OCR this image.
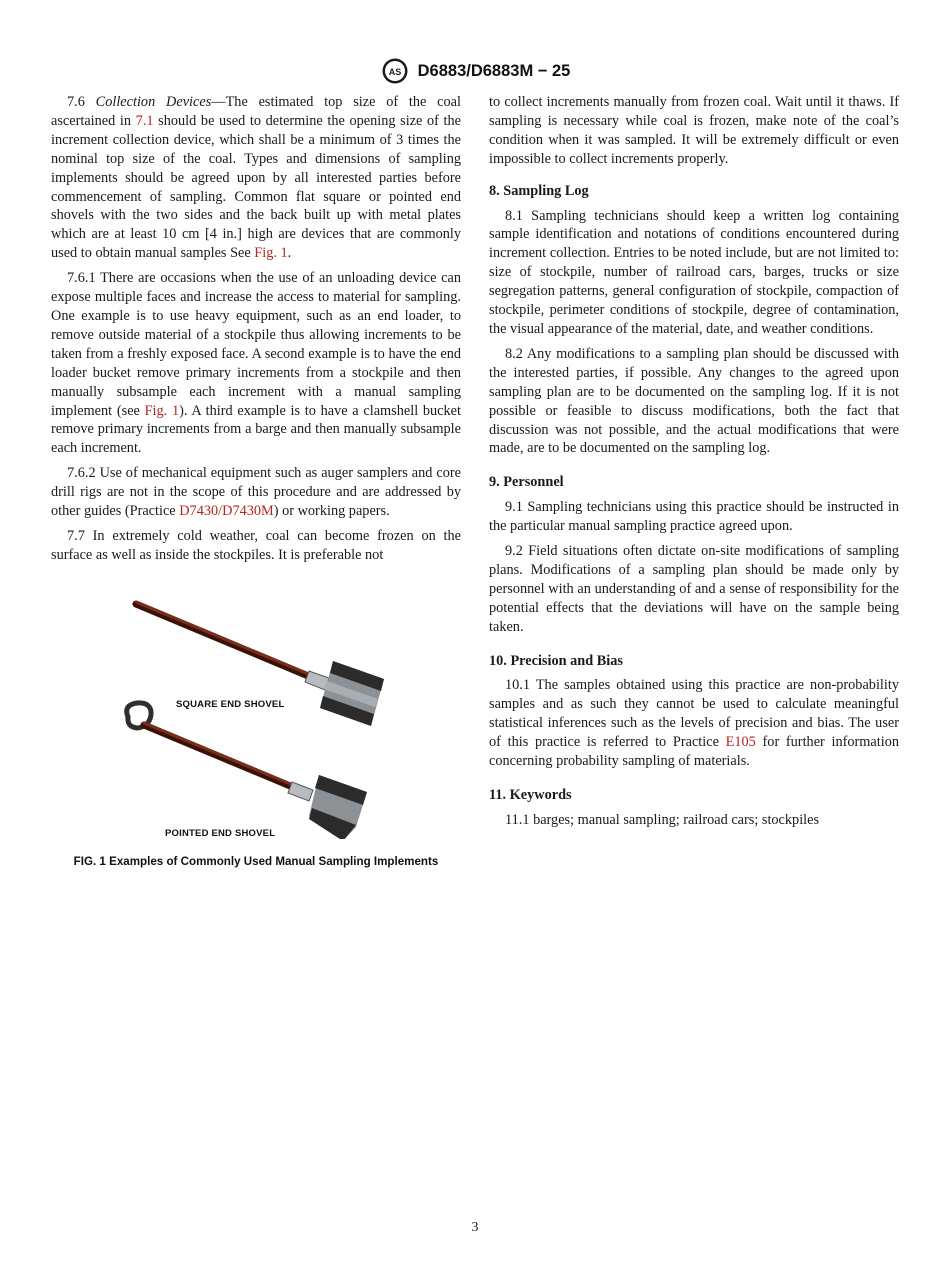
AS D6883/D6883M − 25

7.6 Collection Devices—The estimated top size of the coal ascertained in 7.1 should be used to determine the opening size of the increment collection device, which shall be a minimum of 3 times the nominal top size of the coal. Types and dimensions of sampling implements should be agreed upon by all interested parties before commencement of sampling. Common flat square or pointed end shovels with the two sides and the back built up with metal plates which are at least 10 cm [4 in.] high are devices that are commonly used to obtain manual samples See Fig. 1.

7.6.1 There are occasions when the use of an unloading device can expose multiple faces and increase the access to material for sampling. One example is to use heavy equipment, such as an end loader, to remove outside material of a stockpile thus allowing increments to be taken from a freshly exposed face. A second example is to have the end loader bucket remove primary increments from a stockpile and then manually subsample each increment with a manual sampling implement (see Fig. 1). A third example is to have a clamshell bucket remove primary increments from a barge and then manually subsample each increment.

7.6.2 Use of mechanical equipment such as auger samplers and core drill rigs are not in the scope of this procedure and are addressed by other guides (Practice D7430/D7430M) or working papers.

7.7 In extremely cold weather, coal can become frozen on the surface as well as inside the stockpiles. It is preferable not

SQUARE END SHOVEL
POINTED END SHOVEL
FIG. 1 Examples of Commonly Used Manual Sampling Implements

to collect increments manually from frozen coal. Wait until it thaws. If sampling is necessary while coal is frozen, make note of the coal’s condition when it was sampled. It will be extremely difficult or even impossible to collect increments properly.

8. Sampling Log

8.1 Sampling technicians should keep a written log containing sample identification and notations of conditions encountered during increment collection. Entries to be noted include, but are not limited to: size of stockpile, number of railroad cars, barges, trucks or size segregation patterns, general configuration of stockpile, compaction of stockpile, perimeter conditions of stockpile, degree of contamination, the visual appearance of the material, date, and weather conditions.

8.2 Any modifications to a sampling plan should be discussed with the interested parties, if possible. Any changes to the agreed upon sampling plan are to be documented on the sampling log. If it is not possible or feasible to discuss modifications, both the fact that discussion was not possible, and the actual modifications that were made, are to be documented on the sampling log.

9. Personnel

9.1 Sampling technicians using this practice should be instructed in the particular manual sampling practice agreed upon.

9.2 Field situations often dictate on-site modifications of sampling plans. Modifications of a sampling plan should be made only by personnel with an understanding of and a sense of responsibility for the potential effects that the deviations will have on the sample being taken.

10. Precision and Bias

10.1 The samples obtained using this practice are non-probability samples and as such they cannot be used to calculate meaningful statistical inferences such as the levels of precision and bias. The user of this practice is referred to Practice E105 for further information concerning probability sampling of materials.

11. Keywords

11.1 barges; manual sampling; railroad cars; stockpiles

3
